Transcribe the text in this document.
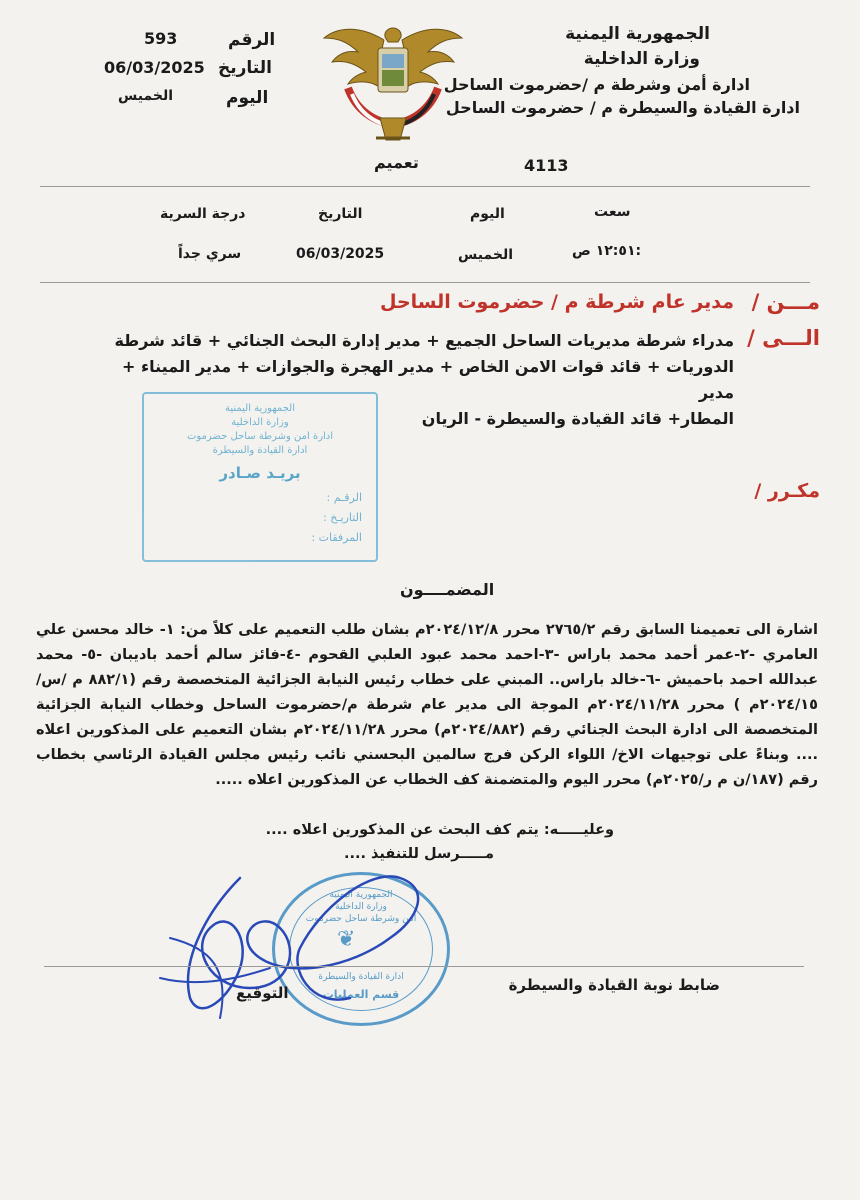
الجمهورية اليمنية
وزارة الداخلية
ادارة أمن وشرطة م /حضرموت الساحل
ادارة القيادة والسيطرة م / حضرموت الساحل
الرقم
593
التاريخ
06/03/2025
اليوم
الخميس
تعميم	4113
سعت
اليوم
التاريخ
درجة السرية
:١٢:٥١ ص
الخميس
06/03/2025
سري جداً
مـــن /
مدير عام شرطة م / حضرموت الساحل
الـــى /
مدراء شرطة مديريات الساحل الجميع + مدير إدارة البحث الجنائي + قائد شرطة
الدوريات + قائد قوات الامن الخاص + مدير الهجرة والجوازات + مدير الميناء + مدير
المطار+ قائد القيادة والسيطرة - الريان
مكـرر /
الجمهورية اليمنية
وزارة الداخلية
ادارة امن وشرطة ساحل حضرموت
ادارة القيادة والسيطرة
بريـد صـادر
الرقـم :
التاريـخ :
المرفقات :
المضمــــون
اشارة الى تعميمنا السابق رقم ٢٧٦٥/٢ محرر ٢٠٢٤/١٢/٨م بشان طلب التعميم على كلاً من: ١- خالد محسن علي العامري -٢-عمر أحمد محمد باراس -٣-احمد محمد عبود العلبي القحوم -٤-فائز سالم أحمد باديبان -٥- محمد عبدالله احمد باحميش -٦-خالد باراس.. المبني على خطاب رئيس النيابة الجزائية المتخصصة رقم (٨٨٢/١ م /س/٢٠٢٤/١٥م ) محرر ٢٠٢٤/١١/٢٨م الموجة الى مدير عام شرطة م/حضرموت الساحل وخطاب النيابة الجزائية المتخصصة الى ادارة البحث الجنائي رقم (٢٠٢٤/٨٨٢م) محرر ٢٠٢٤/١١/٢٨م بشان التعميم على المذكورين اعلاه .... وبناءً على توجيهات الاخ/ اللواء الركن فرج سالمين البحسني نائب رئيس مجلس القيادة الرئاسي بخطاب رقم (١٨٧/ن م ر/٢٠٢٥م) محرر اليوم والمتضمنة كف الخطاب عن المذكورين اعلاه .....
وعليـــــه: يتم كف البحث عن المذكورين اعلاه ....
مـــــرسل للتنفيذ ....
الجمهورية اليمنية
وزارة الداخلية
امن وشرطة ساحل حضرموت
❦
ادارة القيادة والسيطرة
قسم العمليات
ضابط نوبة القيادة والسيطرة
التوقيع
